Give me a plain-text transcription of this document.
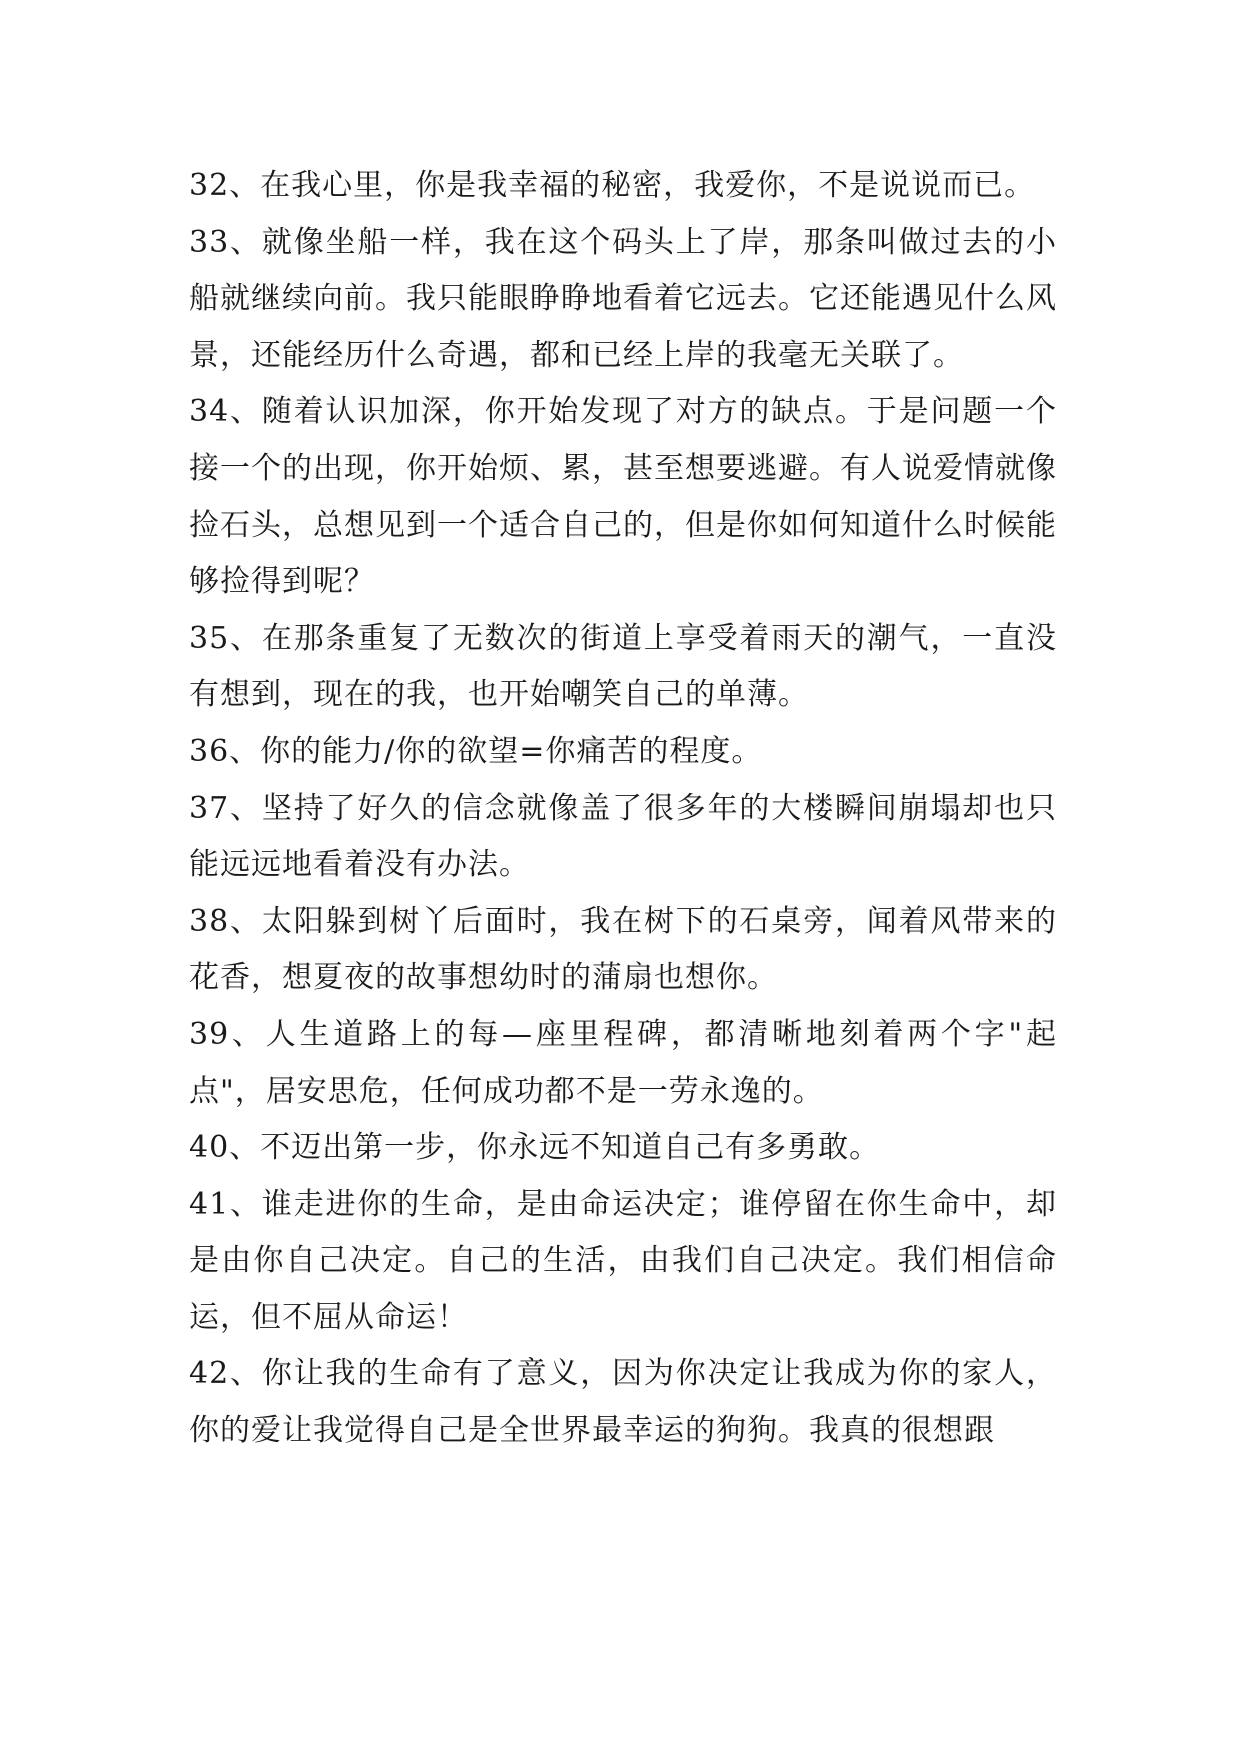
32、在我心里，你是我幸福的秘密，我爱你，不是说说而已。

33、就像坐船一样，我在这个码头上了岸，那条叫做过去的小船就继续向前。我只能眼睁睁地看着它远去。它还能遇见什么风景，还能经历什么奇遇，都和已经上岸的我毫无关联了。

34、随着认识加深，你开始发现了对方的缺点。于是问题一个接一个的出现，你开始烦、累，甚至想要逃避。有人说爱情就像捡石头，总想见到一个适合自己的，但是你如何知道什么时候能够捡得到呢？

35、在那条重复了无数次的街道上享受着雨天的潮气，一直没有想到，现在的我，也开始嘲笑自己的单薄。

36、你的能力/你的欲望=你痛苦的程度。

37、坚持了好久的信念就像盖了很多年的大楼瞬间崩塌却也只能远远地看着没有办法。

38、太阳躲到树丫后面时，我在树下的石桌旁，闻着风带来的花香，想夏夜的故事想幼时的蒲扇也想你。

39、人生道路上的每—座里程碑，都清晰地刻着两个字"起点"，居安思危，任何成功都不是一劳永逸的。

40、不迈出第一步，你永远不知道自己有多勇敢。

41、谁走进你的生命，是由命运决定；谁停留在你生命中，却是由你自己决定。自己的生活，由我们自己决定。我们相信命运，但不屈从命运！

42、你让我的生命有了意义，因为你决定让我成为你的家人，你的爱让我觉得自己是全世界最幸运的狗狗。我真的很想跟
